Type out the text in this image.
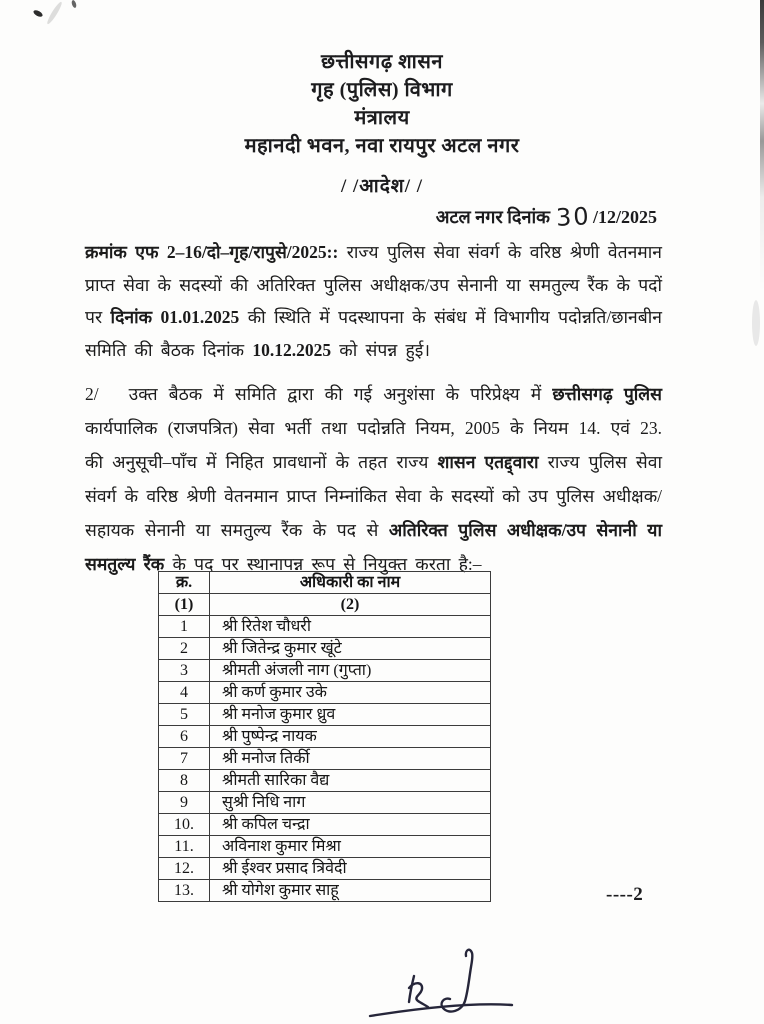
छत्तीसगढ़ शासन
गृह (पुलिस) विभाग
मंत्रालय
महानदी भवन, नवा रायपुर अटल नगर
/ /आदेश/ /
अटल नगर दिनांक 30/12/2025

क्रमांक एफ 2–16/दो–गृह/रापुसे/2025:: राज्य पुलिस सेवा संवर्ग के वरिष्ठ श्रेणी वेतनमान प्राप्त सेवा के सदस्यों की अतिरिक्त पुलिस अधीक्षक/उप सेनानी या समतुल्य रैंक के पदों पर दिनांक 01.01.2025 की स्थिति में पदस्थापना के संबंध में विभागीय पदोन्नति/छानबीन समिति की बैठक दिनांक 10.12.2025 को संपन्न हुई।

2/ उक्त बैठक में समिति द्वारा की गई अनुशंसा के परिप्रेक्ष्य में छत्तीसगढ़ पुलिस कार्यपालिक (राजपत्रित) सेवा भर्ती तथा पदोन्नति नियम, 2005 के नियम 14. एवं 23. की अनुसूची–पाँच में निहित प्रावधानों के तहत राज्य शासन एतद्द्वारा राज्य पुलिस सेवा संवर्ग के वरिष्ठ श्रेणी वेतनमान प्राप्त निम्नांकित सेवा के सदस्यों को उप पुलिस अधीक्षक/सहायक सेनानी या समतुल्य रैंक के पद से अतिरिक्त पुलिस अधीक्षक/उप सेनानी या समतुल्य रैंक के पद पर स्थानापन्न रूप से नियुक्त करता है:–

क्र.	अधिकारी का नाम
(1)	(2)
1	श्री रितेश चौधरी
2	श्री जितेन्द्र कुमार खूंटे
3	श्रीमती अंजली नाग (गुप्ता)
4	श्री कर्ण कुमार उके
5	श्री मनोज कुमार ध्रुव
6	श्री पुष्पेन्द्र नायक
7	श्री मनोज तिर्की
8	श्रीमती सारिका वैद्य
9	सुश्री निधि नाग
10.	श्री कपिल चन्द्रा
11.	अविनाश कुमार मिश्रा
12.	श्री ईश्वर प्रसाद त्रिवेदी
13.	श्री योगेश कुमार साहू	----2
